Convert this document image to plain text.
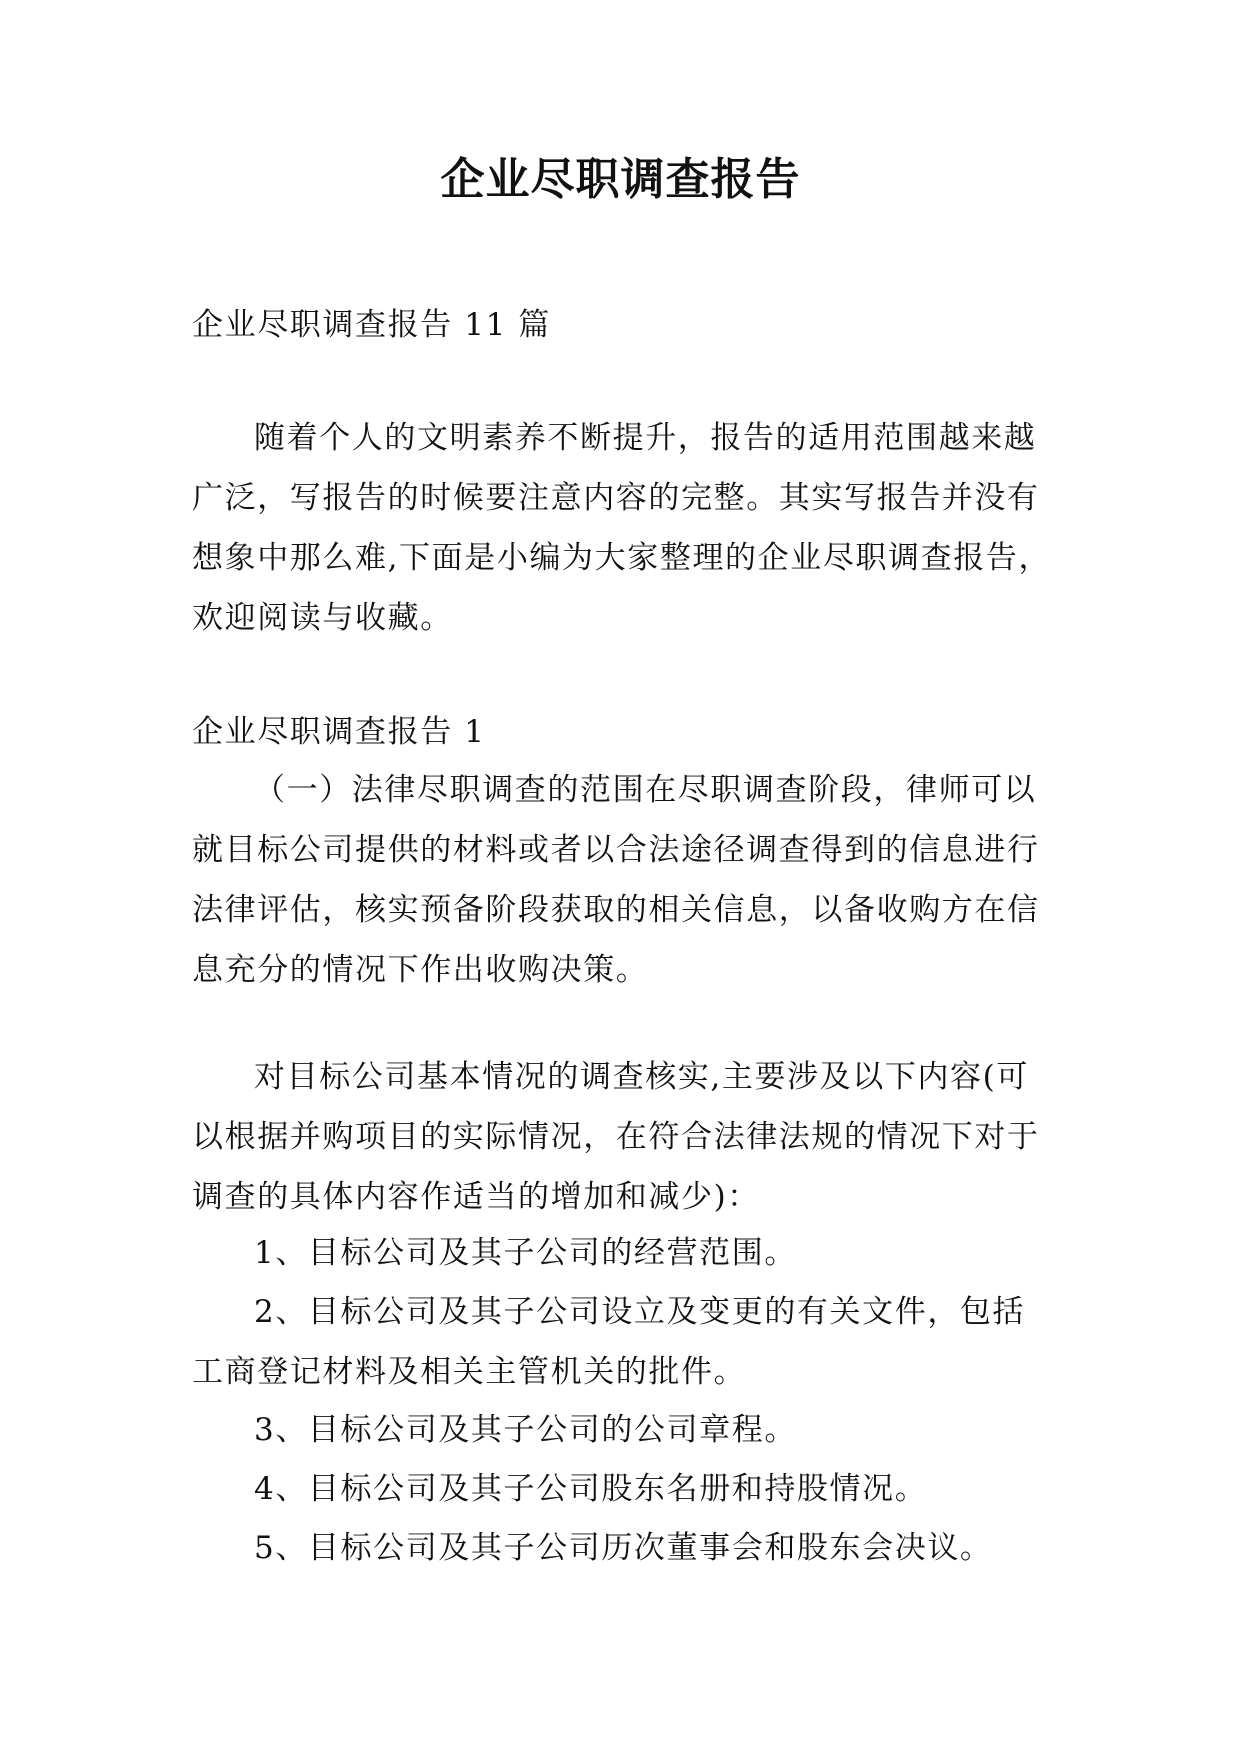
企业尽职调查报告

企业尽职调查报告 11 篇

随着个人的文明素养不断提升，报告的适用范围越来越广泛，写报告的时候要注意内容的完整。其实写报告并没有想象中那么难,下面是小编为大家整理的企业尽职调查报告，欢迎阅读与收藏。

企业尽职调查报告 1

（一）法律尽职调查的范围在尽职调查阶段，律师可以就目标公司提供的材料或者以合法途径调查得到的信息进行法律评估，核实预备阶段获取的相关信息，以备收购方在信息充分的情况下作出收购决策。

对目标公司基本情况的调查核实,主要涉及以下内容(可以根据并购项目的实际情况，在符合法律法规的情况下对于调查的具体内容作适当的增加和减少)：

1、目标公司及其子公司的经营范围。

2、目标公司及其子公司设立及变更的有关文件，包括工商登记材料及相关主管机关的批件。

3、目标公司及其子公司的公司章程。

4、目标公司及其子公司股东名册和持股情况。

5、目标公司及其子公司历次董事会和股东会决议。
